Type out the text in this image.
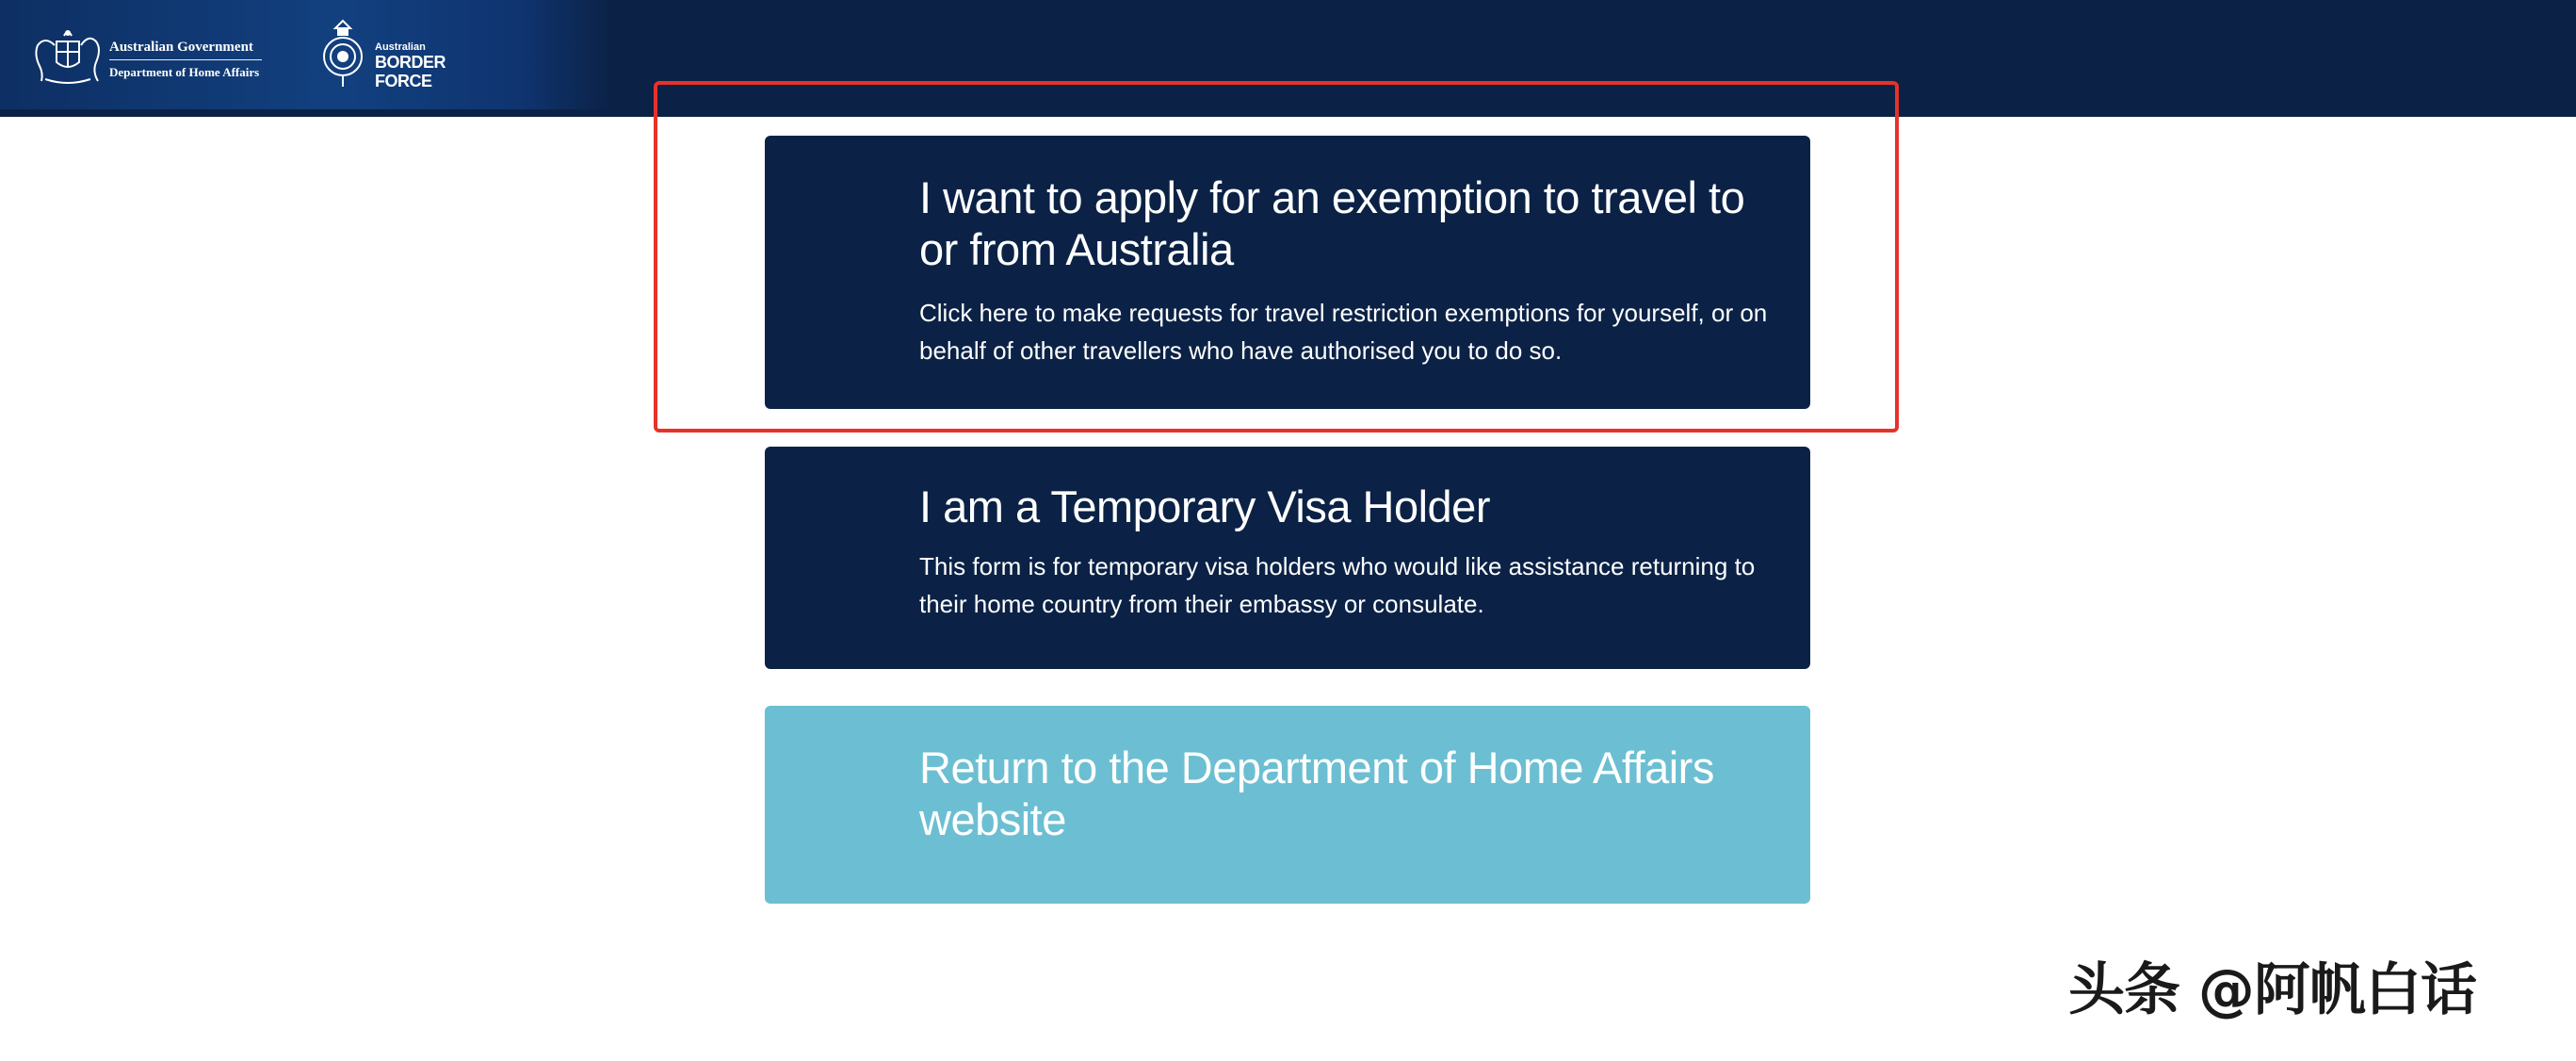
Australian Government
Department of Home Affairs
Australian
BORDER FORCE
I want to apply for an exemption to travel to or from Australia

Click here to make requests for travel restriction exemptions for yourself, or on behalf of other travellers who have authorised you to do so.

I am a Temporary Visa Holder

This form is for temporary visa holders who would like assistance returning to their home country from their embassy or consulate.

Return to the Department of Home Affairs website
头条 @阿帆白话
